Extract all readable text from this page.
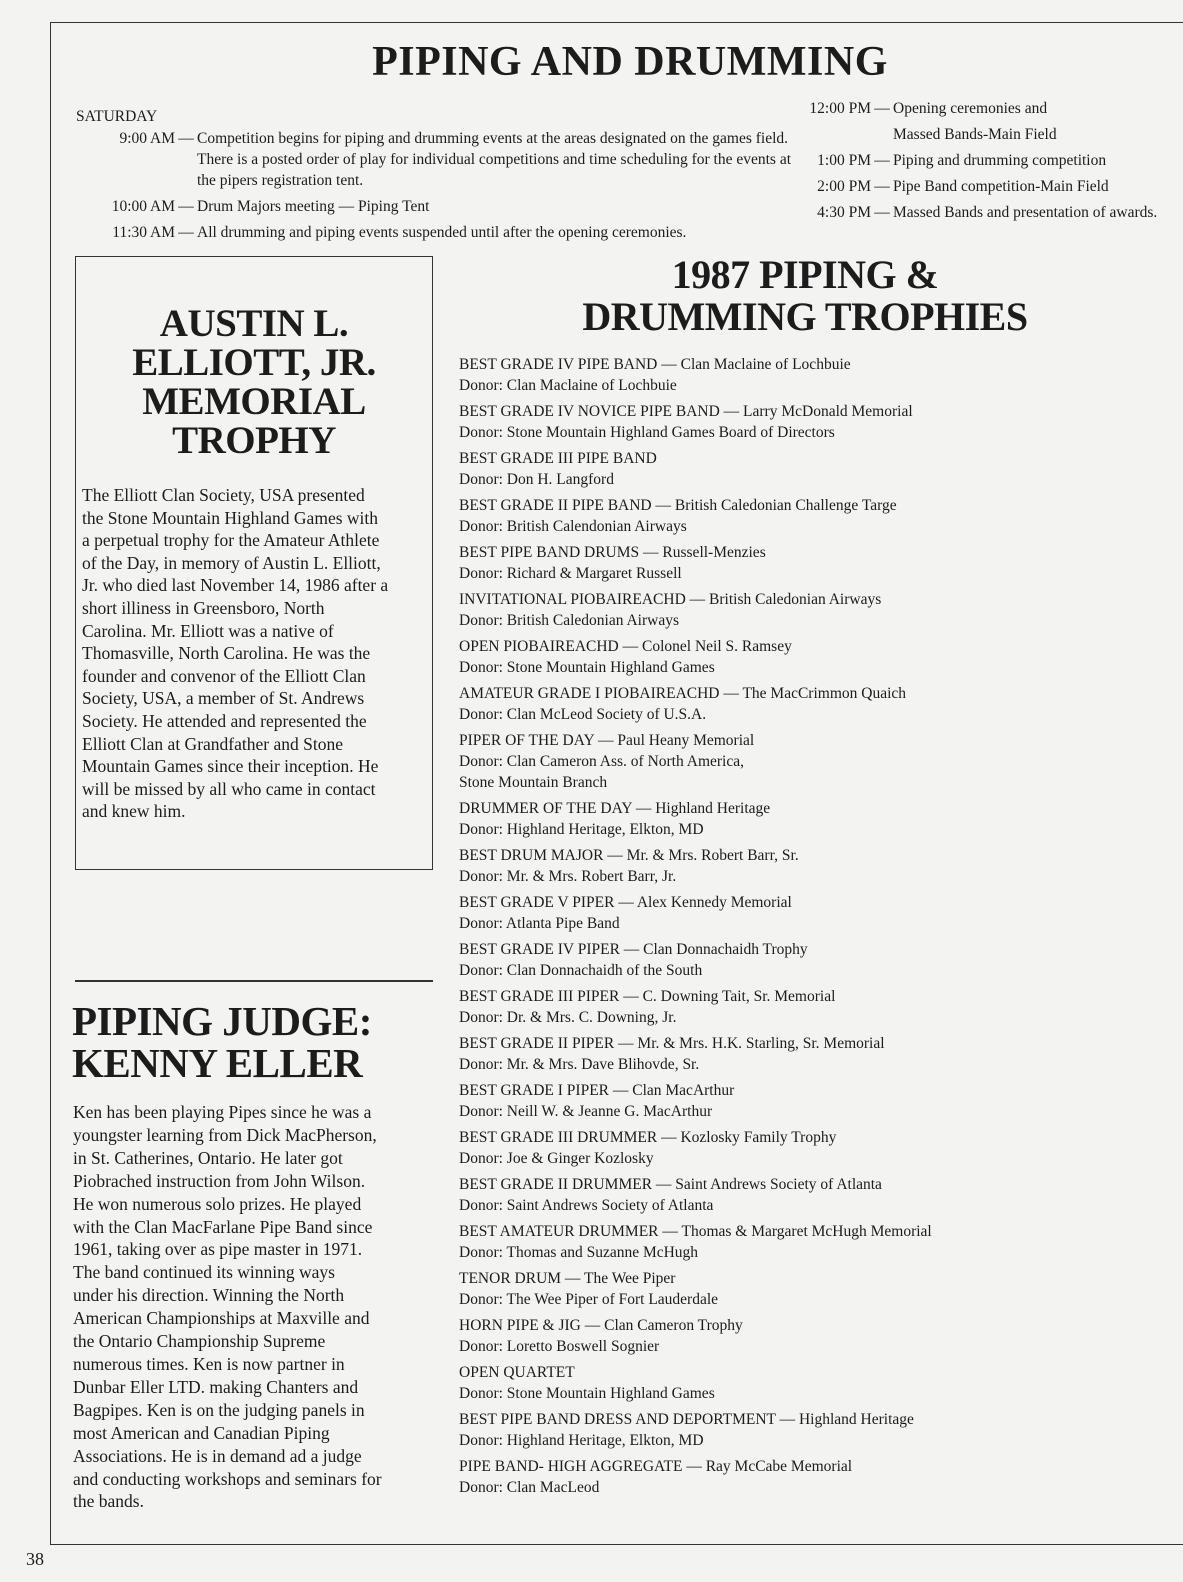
PIPING AND DRUMMING
SATURDAY
9:00 AM — Competition begins for piping and drumming events at the areas designated on the games field. There is a posted order of play for individual competitions and time scheduling for the events at the pipers registration tent.
10:00 AM — Drum Majors meeting — Piping Tent
11:30 AM — All drumming and piping events suspended until after the opening ceremonies.
12:00 PM — Opening ceremonies and
Massed Bands-Main Field
1:00 PM — Piping and drumming competition
2:00 PM — Pipe Band competition-Main Field
4:30 PM — Massed Bands and presentation of awards.
AUSTIN L.
ELLIOTT, JR.
MEMORIAL
TROPHY

The Elliott Clan Society, USA presented
the Stone Mountain Highland Games with
a perpetual trophy for the Amateur Athlete
of the Day, in memory of Austin L. Elliott,
Jr. who died last November 14, 1986 after a
short illiness in Greensboro, North
Carolina. Mr. Elliott was a native of
Thomasville, North Carolina. He was the
founder and convenor of the Elliott Clan
Society, USA, a member of St. Andrews
Society. He attended and represented the
Elliott Clan at Grandfather and Stone
Mountain Games since their inception. He
will be missed by all who came in contact
and knew him.

PIPING JUDGE:
KENNY ELLER

Ken has been playing Pipes since he was a
youngster learning from Dick MacPherson,
in St. Catherines, Ontario. He later got
Piobrached instruction from John Wilson.
He won numerous solo prizes. He played
with the Clan MacFarlane Pipe Band since
1961, taking over as pipe master in 1971.
The band continued its winning ways
under his direction. Winning the North
American Championships at Maxville and
the Ontario Championship Supreme
numerous times. Ken is now partner in
Dunbar Eller LTD. making Chanters and
Bagpipes. Ken is on the judging panels in
most American and Canadian Piping
Associations. He is in demand ad a judge
and conducting workshops and seminars for
the bands.

1987 PIPING &
DRUMMING TROPHIES
BEST GRADE IV PIPE BAND — Clan Maclaine of Lochbuie
Donor: Clan Maclaine of Lochbuie
BEST GRADE IV NOVICE PIPE BAND — Larry McDonald Memorial
Donor: Stone Mountain Highland Games Board of Directors
BEST GRADE III PIPE BAND
Donor: Don H. Langford
BEST GRADE II PIPE BAND — British Caledonian Challenge Targe
Donor: British Calendonian Airways
BEST PIPE BAND DRUMS — Russell-Menzies
Donor: Richard & Margaret Russell
INVITATIONAL PIOBAIREACHD — British Caledonian Airways
Donor: British Caledonian Airways
OPEN PIOBAIREACHD — Colonel Neil S. Ramsey
Donor: Stone Mountain Highland Games
AMATEUR GRADE I PIOBAIREACHD — The MacCrimmon Quaich
Donor: Clan McLeod Society of U.S.A.
PIPER OF THE DAY — Paul Heany Memorial
Donor: Clan Cameron Ass. of North America,
Stone Mountain Branch
DRUMMER OF THE DAY — Highland Heritage
Donor: Highland Heritage, Elkton, MD
BEST DRUM MAJOR — Mr. & Mrs. Robert Barr, Sr.
Donor: Mr. & Mrs. Robert Barr, Jr.
BEST GRADE V PIPER — Alex Kennedy Memorial
Donor: Atlanta Pipe Band
BEST GRADE IV PIPER — Clan Donnachaidh Trophy
Donor: Clan Donnachaidh of the South
BEST GRADE III PIPER — C. Downing Tait, Sr. Memorial
Donor: Dr. & Mrs. C. Downing, Jr.
BEST GRADE II PIPER — Mr. & Mrs. H.K. Starling, Sr. Memorial
Donor: Mr. & Mrs. Dave Blihovde, Sr.
BEST GRADE I PIPER — Clan MacArthur
Donor: Neill W. & Jeanne G. MacArthur
BEST GRADE III DRUMMER — Kozlosky Family Trophy
Donor: Joe & Ginger Kozlosky
BEST GRADE II DRUMMER — Saint Andrews Society of Atlanta
Donor: Saint Andrews Society of Atlanta
BEST AMATEUR DRUMMER — Thomas & Margaret McHugh Memorial
Donor: Thomas and Suzanne McHugh
TENOR DRUM — The Wee Piper
Donor: The Wee Piper of Fort Lauderdale
HORN PIPE & JIG — Clan Cameron Trophy
Donor: Loretto Boswell Sognier
OPEN QUARTET
Donor: Stone Mountain Highland Games
BEST PIPE BAND DRESS AND DEPORTMENT — Highland Heritage
Donor: Highland Heritage, Elkton, MD
PIPE BAND- HIGH AGGREGATE — Ray McCabe Memorial
Donor: Clan MacLeod
38
